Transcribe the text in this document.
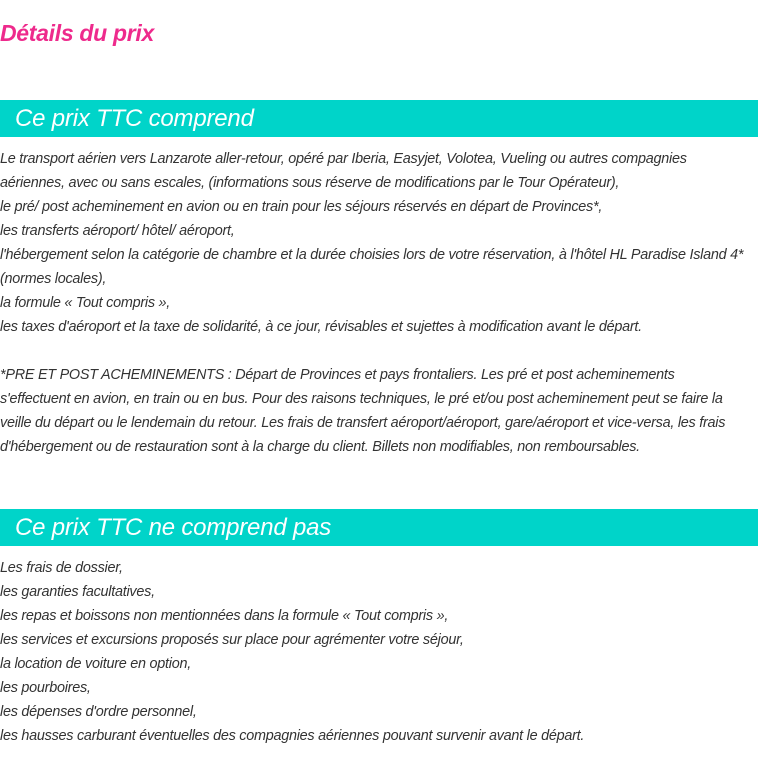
Détails du prix
Ce prix TTC comprend
Le transport aérien vers Lanzarote aller-retour, opéré par Iberia, Easyjet, Volotea, Vueling ou autres compagnies
aériennes, avec ou sans escales, (informations sous réserve de modifications par le Tour Opérateur),
le pré/ post acheminement en avion ou en train pour les séjours réservés en départ de Provinces*,
les transferts aéroport/ hôtel/ aéroport,
l'hébergement selon la catégorie de chambre et la durée choisies lors de votre réservation, à l'hôtel HL Paradise Island 4*
(normes locales),
la formule « Tout compris »,
les taxes d'aéroport et la taxe de solidarité, à ce jour, révisables et sujettes à modification avant le départ.
*PRE ET POST ACHEMINEMENTS : Départ de Provinces et pays frontaliers. Les pré et post acheminements
s'effectuent en avion, en train ou en bus. Pour des raisons techniques, le pré et/ou post acheminement peut se faire la
veille du départ ou le lendemain du retour. Les frais de transfert aéroport/aéroport, gare/aéroport et vice-versa, les frais
d'hébergement ou de restauration sont à la charge du client. Billets non modifiables, non remboursables.
Ce prix TTC ne comprend pas
Les frais de dossier,
les garanties facultatives,
les repas et boissons non mentionnées dans la formule « Tout compris »,
les services et excursions proposés sur place pour agrémenter votre séjour,
la location de voiture en option,
les pourboires,
les dépenses d'ordre personnel,
les hausses carburant éventuelles des compagnies aériennes pouvant survenir avant le départ.
